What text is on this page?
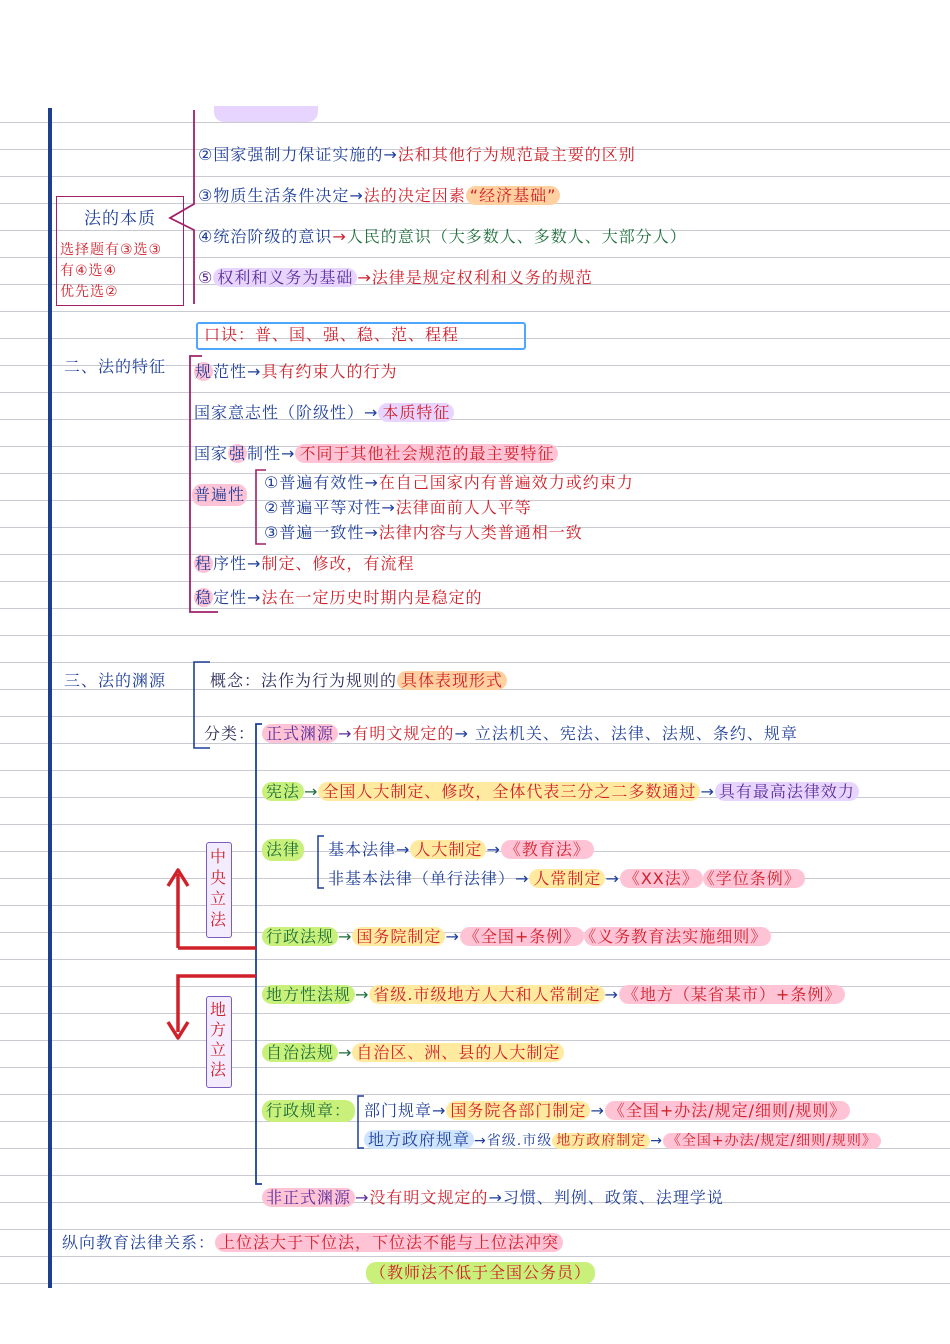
法的本质
选择题有③选③
有④选④
优先选②
②国家强制力保证实施的→法和其他行为规范最主要的区别
③物质生活条件决定→法的决定因素 “经济基础”
④统治阶级的意识→人民的意识（大多数人、多数人、大部分人）
⑤ 权利和义务为基础 →法律是规定权利和义务的规范
口诀：普、国、强、稳、范、程程
二、法的特征 规范性→具有约束人的行为
国家意志性（阶级性）→ 本质特征
国家强制性→ 不同于其他社会规范的最主要特征
普遍性
①普遍有效性→在自己国家内有普遍效力或约束力
②普遍平等对性→法律面前人人平等
③普遍一致性→法律内容与人类普通相一致
程序性→制定、修改，有流程
稳定性→法在一定历史时期内是稳定的
三、法的渊源	概念：法作为行为规则的 具体表现形式
分类： 正式渊源 →有明文规定的→ 立法机关、宪法、法律、法规、条约、规章
宪法 → 全国人大制定、修改，全体代表三分之二多数通过 → 具有最高法律效力
法律 基本法律→ 人大制定 → 《教育法》
非基本法律（单行法律）→ 人常制定 → 《XX法》 《学位条例》
行政法规 → 国务院制定 → 《全国+条例》 《义务教育法实施细则》
地方性法规 → 省级.市级地方人大和人常制定 → 《地方（某省某市）+条例》
自治法规 → 自治区、洲、县的人大制定
行政规章： 部门规章→ 国务院各部门制定 → 《全国+办法/规定/细则/规则》
地方政府规章 →省级.市级 地方政府制定 → 《全国+办法/规定/细则/规则》
非正式渊源 →没有明文规定的→习惯、判例、政策、法理学说
中央立法
地方立法
纵向教育法律关系： 上位法大于下位法，下位法不能与上位法冲突
（教师法不低于全国公务员）
